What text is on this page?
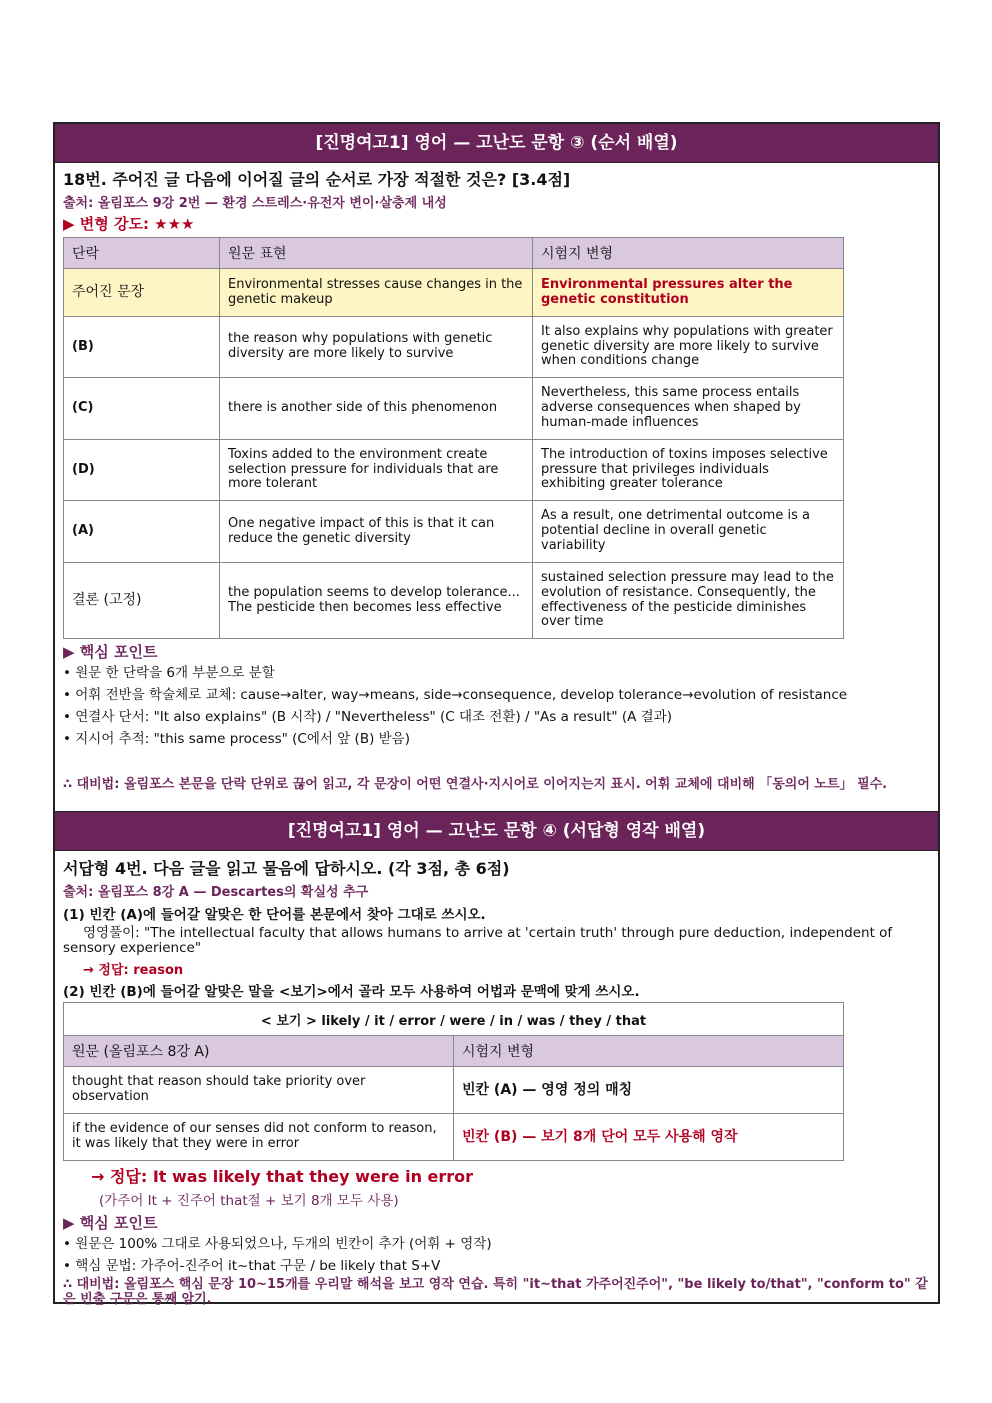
[진명여고1] 영어 — 고난도 문항 ③ (순서 배열)
18번. 주어진 글 다음에 이어질 글의 순서로 가장 적절한 것은? [3.4점]
출처: 올림포스 9강 2번 — 환경 스트레스·유전자 변이·살충제 내성
▶ 변형 강도: ★★★
단락	원문 표현	시험지 변형
주어진 문장	Environmental stresses cause changes in the genetic makeup	Environmental pressures alter the genetic constitution
(B)	the reason why populations with genetic diversity are more likely to survive	It also explains why populations with greater genetic diversity are more likely to survive when conditions change
(C)	there is another side of this phenomenon	Nevertheless, this same process entails adverse consequences when shaped by human-made influences
(D)	Toxins added to the environment create selection pressure for individuals that are more tolerant	The introduction of toxins imposes selective pressure that privileges individuals exhibiting greater tolerance
(A)	One negative impact of this is that it can reduce the genetic diversity	As a result, one detrimental outcome is a potential decline in overall genetic variability
결론 (고정)	the population seems to develop tolerance... The pesticide then becomes less effective	sustained selection pressure may lead to the evolution of resistance. Consequently, the effectiveness of the pesticide diminishes over time
▶ 핵심 포인트
• 원문 한 단락을 6개 부분으로 분할
• 어휘 전반을 학술체로 교체: cause→alter, way→means, side→consequence, develop tolerance→evolution of resistance
• 연결사 단서: "It also explains" (B 시작) / "Nevertheless" (C 대조 전환) / "As a result" (A 결과)
• 지시어 추적: "this same process" (C에서 앞 (B) 받음)
∴ 대비법: 올림포스 본문을 단락 단위로 끊어 읽고, 각 문장이 어떤 연결사·지시어로 이어지는지 표시. 어휘 교체에 대비해 「동의어 노트」 필수.
[진명여고1] 영어 — 고난도 문항 ④ (서답형 영작 배열)
서답형 4번. 다음 글을 읽고 물음에 답하시오. (각 3점, 총 6점)
출처: 올림포스 8강 A — Descartes의 확실성 추구
(1) 빈칸 (A)에 들어갈 알맞은 한 단어를 본문에서 찾아 그대로 쓰시오.
영영풀이: "The intellectual faculty that allows humans to arrive at 'certain truth' through pure deduction, independent of sensory experience"
→ 정답: reason
(2) 빈칸 (B)에 들어갈 알맞은 말을 <보기>에서 골라 모두 사용하여 어법과 문맥에 맞게 쓰시오.
< 보기 > likely / it / error / were / in / was / they / that	
원문 (올림포스 8강 A)	시험지 변형
thought that reason should take priority over observation	빈칸 (A) — 영영 정의 매칭
if the evidence of our senses did not conform to reason, it was likely that they were in error	빈칸 (B) — 보기 8개 단어 모두 사용해 영작
→ 정답: It was likely that they were in error
(가주어 It + 진주어 that절 + 보기 8개 모두 사용)
▶ 핵심 포인트
• 원문은 100% 그대로 사용되었으나, 두개의 빈칸이 추가 (어휘 + 영작)
• 핵심 문법: 가주어-진주어 it~that 구문 / be likely that S+V
∴ 대비법: 올림포스 핵심 문장 10~15개를 우리말 해석을 보고 영작 연습. 특히 "it~that 가주어진주어", "be likely to/that", "conform to" 같은 빈출 구문은 통째 암기.
